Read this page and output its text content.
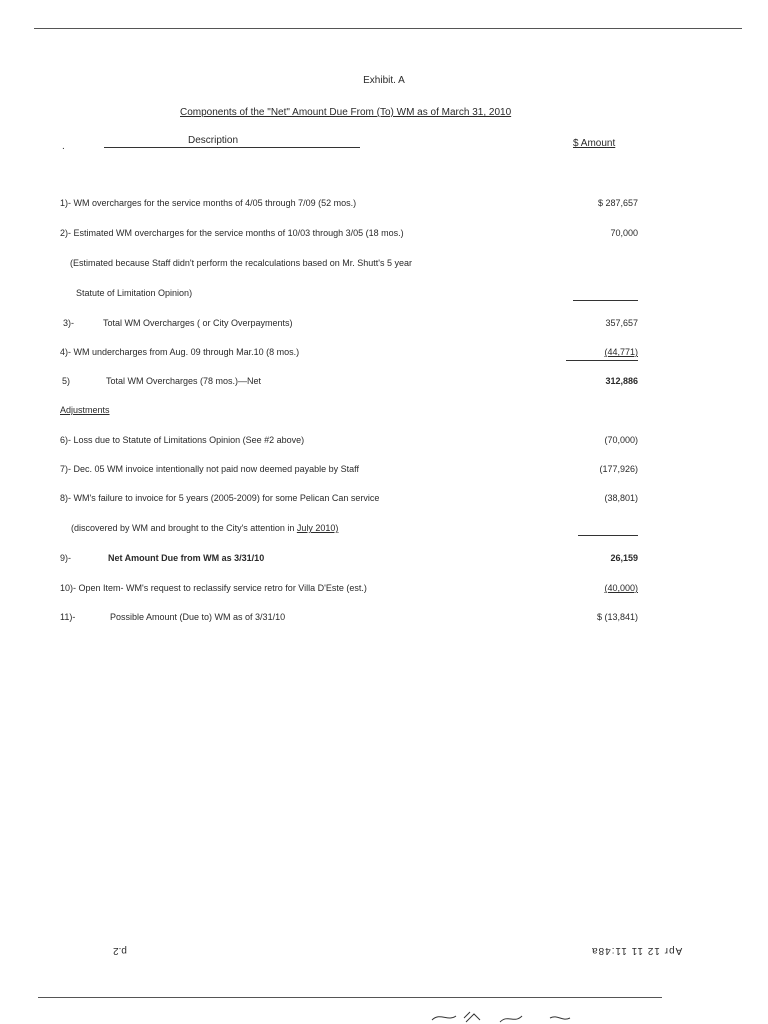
Exhibit. A
Components of the "Net" Amount Due From (To) WM as of March 31, 2010
.
Description	$ Amount
1)- WM overcharges for the service months of 4/05 through 7/09 (52 mos.)	$ 287,657
2)- Estimated WM overcharges for the service months of 10/03 through 3/05 (18 mos.)	70,000
(Estimated because Staff didn't perform the recalculations based on Mr. Shutt's 5 year
Statute of Limitation Opinion)
3)-	Total WM Overcharges ( or City Overpayments)	357,657
4)- WM undercharges from Aug. 09 through Mar.10 (8 mos.)	(44,771)
5)	Total WM Overcharges (78 mos.)—Net	312,886
Adjustments
6)- Loss due to Statute of Limitations Opinion (See #2 above)	(70,000)
7)- Dec. 05 WM invoice intentionally not paid now deemed payable by Staff	(177,926)
8)- WM's failure to invoice for 5 years (2005-2009) for some Pelican Can service	(38,801)
(discovered by WM and brought to the City's attention in July 2010)
9)-	Net Amount Due from WM as 3/31/10	26,159
10)- Open Item- WM's request to reclassify service retro for Villa D'Este (est.)	(40,000)
11)-	Possible Amount (Due to) WM as of 3/31/10	$ (13,841)
p.2	Apr 12 11 11:48a
